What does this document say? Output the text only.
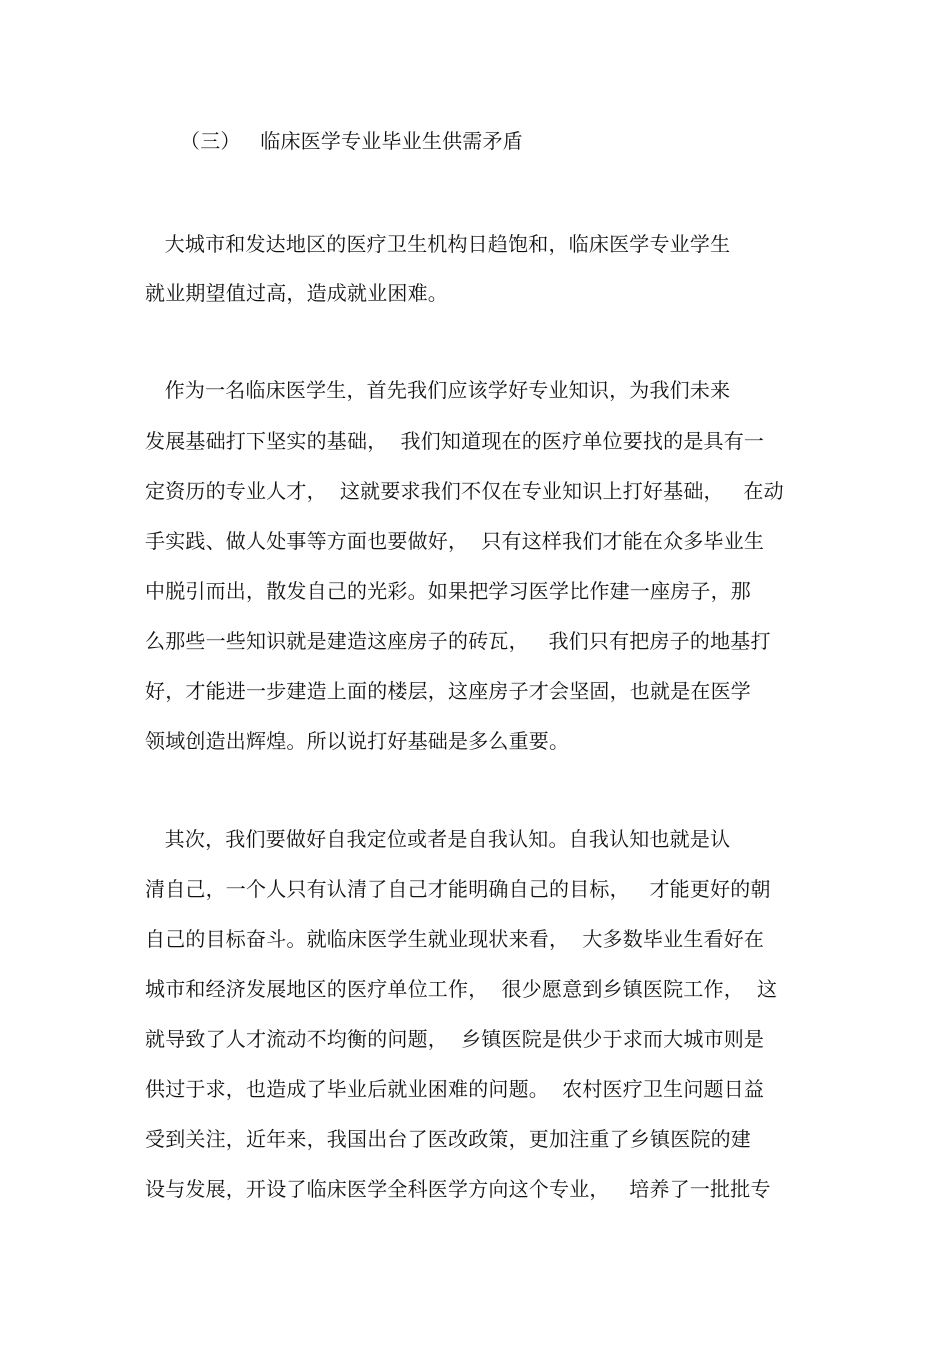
（三）   临床医学专业毕业生供需矛盾
大城市和发达地区的医疗卫生机构日趋饱和，临床医学专业学生
就业期望值过高，造成就业困难。
作为一名临床医学生，首先我们应该学好专业知识，为我们未来
发展基础打下坚实的基础，  我们知道现在的医疗单位要找的是具有一
定资历的专业人才，  这就要求我们不仅在专业知识上打好基础，   在动
手实践、做人处事等方面也要做好，  只有这样我们才能在众多毕业生
中脱引而出，散发自己的光彩。如果把学习医学比作建一座房子，那
么那些一些知识就是建造这座房子的砖瓦，   我们只有把房子的地基打
好，才能进一步建造上面的楼层，这座房子才会坚固，也就是在医学
领域创造出辉煌。所以说打好基础是多么重要。
其次，我们要做好自我定位或者是自我认知。自我认知也就是认
清自己，一个人只有认清了自己才能明确自己的目标，   才能更好的朝
自己的目标奋斗。就临床医学生就业现状来看，  大多数毕业生看好在
城市和经济发展地区的医疗单位工作，  很少愿意到乡镇医院工作，  这
就导致了人才流动不均衡的问题，  乡镇医院是供少于求而大城市则是
供过于求，也造成了毕业后就业困难的问题。  农村医疗卫生问题日益
受到关注，近年来，我国出台了医改政策，更加注重了乡镇医院的建
设与发展，开设了临床医学全科医学方向这个专业，   培养了一批批专
